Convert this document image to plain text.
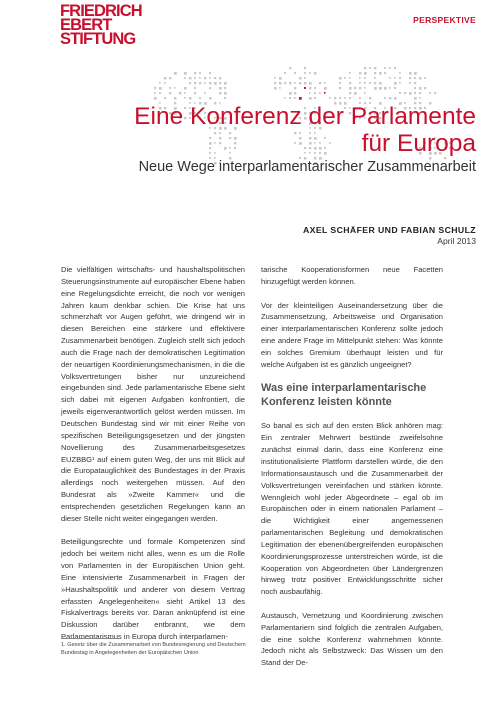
FRIEDRICH
EBERT
STIFTUNG
PERSPEKTIVE
Eine Konferenz der Parlamente
für Europa
Neue Wege interparlamentarischer Zusammenarbeit
AXEL SCHÄFER UND FABIAN SCHULZ
April 2013

Die vielfältigen wirtschafts- und haushaltspolitischen Steuerungsinstrumente auf europäischer Ebene haben eine Regelungsdichte erreicht, die noch vor wenigen Jahren kaum denkbar schien. Die Krise hat uns schmerzhaft vor Augen geführt, wie dringend wir in diesen Bereichen eine stärkere und effektivere Zusammenarbeit benötigen. Zugleich stellt sich jedoch auch die Frage nach der demokratischen Legitimation der neuartigen Koordinierungsmechanismen, in die die Volksvertretungen bisher nur unzureichend eingebunden sind. Jede parlamentarische Ebene sieht sich dabei mit eigenen Aufgaben konfrontiert, die jeweils eigenverantwortlich gelöst werden müssen. Im Deutschen Bundestag sind wir mit einer Reihe von spezifischen Beteiligungsgesetzen und der jüngsten Novellierung des Zusammenarbeitsgesetzes EUZBBG¹ auf einem guten Weg, der uns mit Blick auf die Europatauglichkeit des Bundestages in der Praxis allerdings noch weitergehen müssen. Auf den Bundesrat als »Zweite Kammer« und die entsprechenden gesetzlichen Regelungen kann an dieser Stelle nicht weiter eingegangen werden.

Beteiligungsrechte und formale Kompetenzen sind jedoch bei weitem nicht alles, wenn es um die Rolle von Parlamenten in der Europäischen Union geht. Eine intensivierte Zusammenarbeit in Fragen der »Haushaltspolitik und anderer von diesem Vertrag erfassten Angelegenheiten« sieht Artikel 13 des Fiskalvertrags bereits vor. Daran anknüpfend ist eine Diskussion darüber entbrannt, wie dem Parlamentarismus in Europa durch interparlamen-

tarische Kooperationsformen neue Facetten hinzugefügt werden können.

Vor der kleinteiligen Auseinandersetzung über die Zusammensetzung, Arbeitsweise und Organisation einer interparlamentarischen Konferenz sollte jedoch eine andere Frage im Mittelpunkt stehen: Was könnte ein solches Gremium überhaupt leisten und für welche Aufgaben ist es gänzlich ungeeignet?

Was eine interparlamentarische Konferenz leisten könnte

So banal es sich auf den ersten Blick anhören mag: Ein zentraler Mehrwert bestünde zweifelsohne zunächst einmal darin, dass eine Konferenz eine institutionalisierte Plattform darstellen würde, die den Informationsaustausch und die Zusammenarbeit der Volksvertretungen vereinfachen und stärken könnte. Wenngleich wohl jeder Abgeordnete – egal ob im Europäischen oder in einem nationalen Parlament – die Wichtigkeit einer angemessenen parlamentarischen Begleitung und demokratischen Legitimation der ebenenübergreifenden europäischen Koordinierungsprozesse unterstreichen würde, ist die Kooperation von Abgeordneten über Ländergrenzen hinweg trotz positiver Entwicklungsschritte sicher noch ausbaufähig.

Austausch, Vernetzung und Koordinierung zwischen Parlamentariern sind folglich die zentralen Aufgaben, die eine solche Konferenz wahrnehmen könnte. Jedoch nicht als Selbstzweck: Das Wissen um den Stand der De-

1. Gesetz über die Zusammenarbeit von Bundesregierung und Deutschem Bundestag in Angelegenheiten der Europäischen Union
